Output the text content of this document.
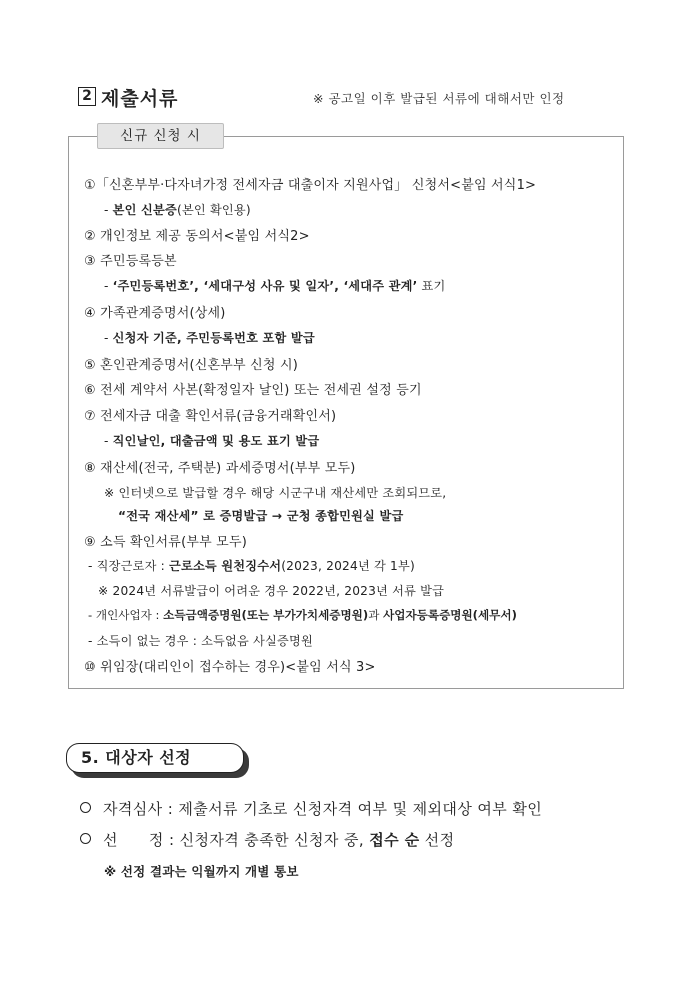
2 제출서류	※ 공고일 이후 발급된 서류에 대해서만 인정
신규 신청 시
①「신혼부부·다자녀가정 전세자금 대출이자 지원사업」 신청서<붙임 서식1>
- 본인 신분증(본인 확인용)
② 개인정보 제공 동의서<붙임 서식2>
③ 주민등록등본
- ‘주민등록번호’, ‘세대구성 사유 및 일자’, ‘세대주 관계’ 표기
④ 가족관계증명서(상세)
- 신청자 기준, 주민등록번호 포함 발급
⑤ 혼인관계증명서(신혼부부 신청 시)
⑥ 전세 계약서 사본(확정일자 날인) 또는 전세권 설정 등기
⑦ 전세자금 대출 확인서류(금융거래확인서)
- 직인날인, 대출금액 및 용도 표기 발급
⑧ 재산세(전국, 주택분) 과세증명서(부부 모두)
※ 인터넷으로 발급할 경우 해당 시군구내 재산세만 조회되므로,
“전국 재산세” 로 증명발급 → 군청 종합민원실 발급
⑨ 소득 확인서류(부부 모두)
- 직장근로자 : 근로소득 원천징수서(2023, 2024년 각 1부)
※ 2024년 서류발급이 어려운 경우 2022년, 2023년 서류 발급
- 개인사업자 : 소득금액증명원(또는 부가가치세증명원)과 사업자등록증명원(세무서)
- 소득이 없는 경우 : 소득없음 사실증명원
⑩ 위임장(대리인이 접수하는 경우)<붙임 서식 3>
5. 대상자 선정
자격심사 : 제출서류 기초로 신청자격 여부 및 제외대상 여부 확인
선      정 : 신청자격 충족한 신청자 중, 접수 순 선정
※ 선정 결과는 익월까지 개별 통보
